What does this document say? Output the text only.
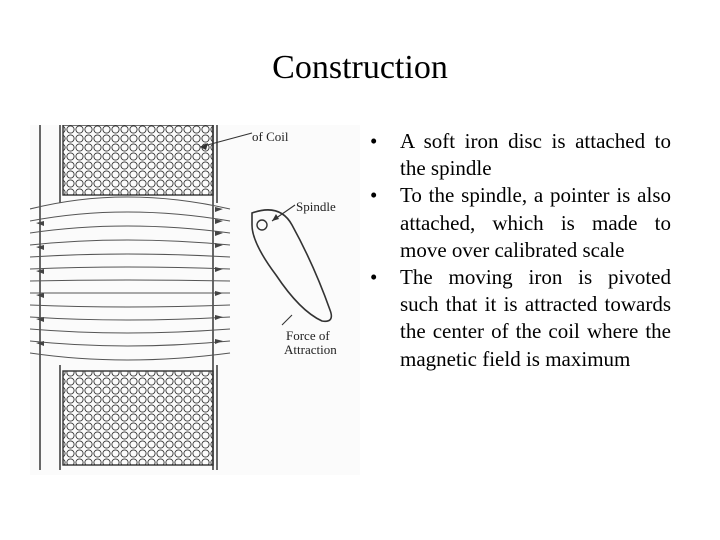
Construction
of Coil
Spindle
Force of
Attraction
•	A soft iron disc is attached to the spindle
•	To the spindle, a pointer is also attached, which is made to move over calibrated scale
•	The moving iron is pivoted such that it is attracted towards the center of the coil where the magnetic field is maximum
